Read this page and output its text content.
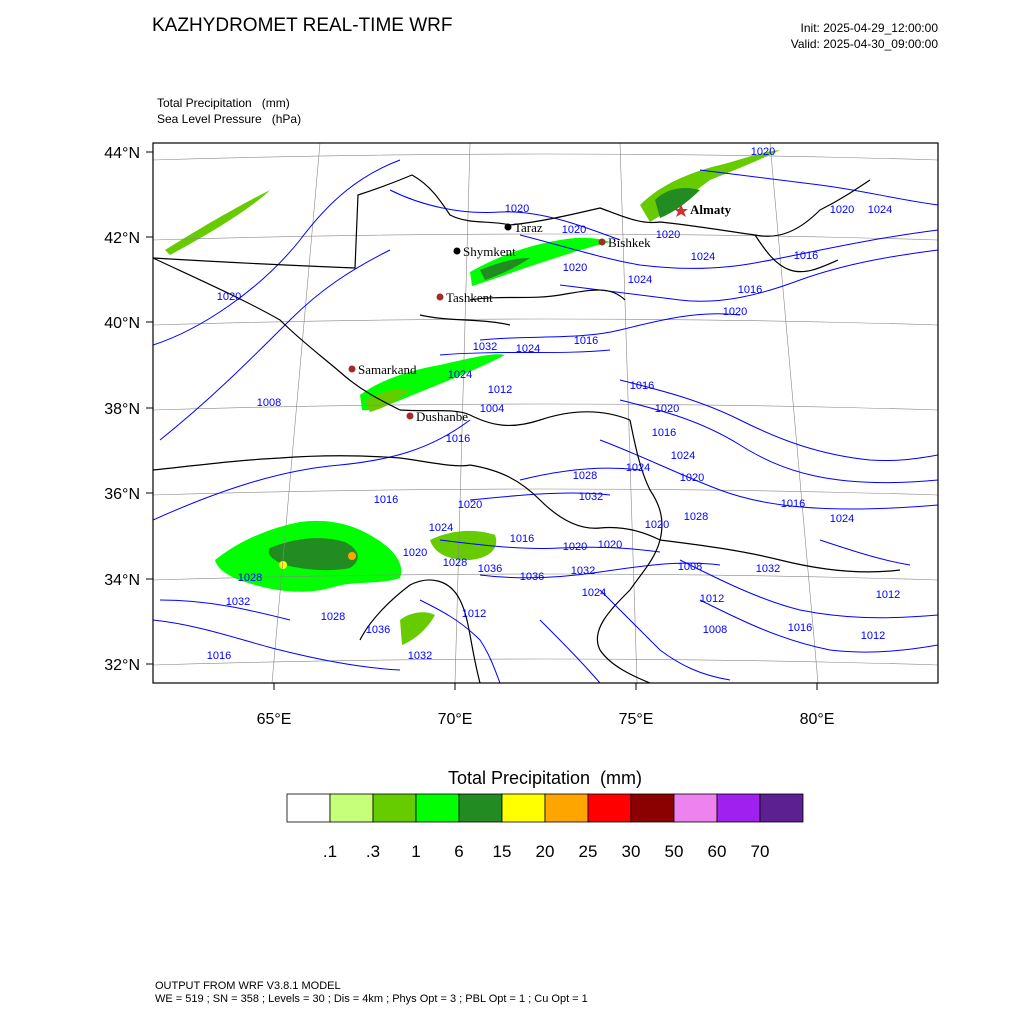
KAZHYDROMET REAL-TIME WRF	Init: 2025-04-29_12:00:00
Valid: 2025-04-30_09:00:00
Total Precipitation   (mm)
Sea Level Pressure   (hPa)
44°N
42°N
40°N
38°N
36°N
34°N
32°N
65°E	70°E	75°E	80°E
1020
1020
1024
1020
1020
1024	1016
1020
1024
1016
1020
1020
1020
1024
1016
1016
1020
1016
1024
1020
1016	1020
1024
1028
1032
1028	1024
1016
1024
1020
1028 1036
1036 1032
1020
1020
1016
1020
1004
1016
1024
1012
1032
1028
1032
1028
1036
1032
1016
1012
1012
1016
1008
1012
1008	1032
1024
1012
1008
Almaty
Taraz
Bishkek
Shymkent
Tashkent
Samarkand
Dushanbe
Total Precipitation  (mm)
.1	.3	1	6	15	20	25	30	50	60	70
OUTPUT FROM WRF V3.8.1 MODEL
WE = 519 ; SN = 358 ; Levels = 30 ; Dis = 4km ; Phys Opt = 3 ; PBL Opt = 1 ; Cu Opt = 1
